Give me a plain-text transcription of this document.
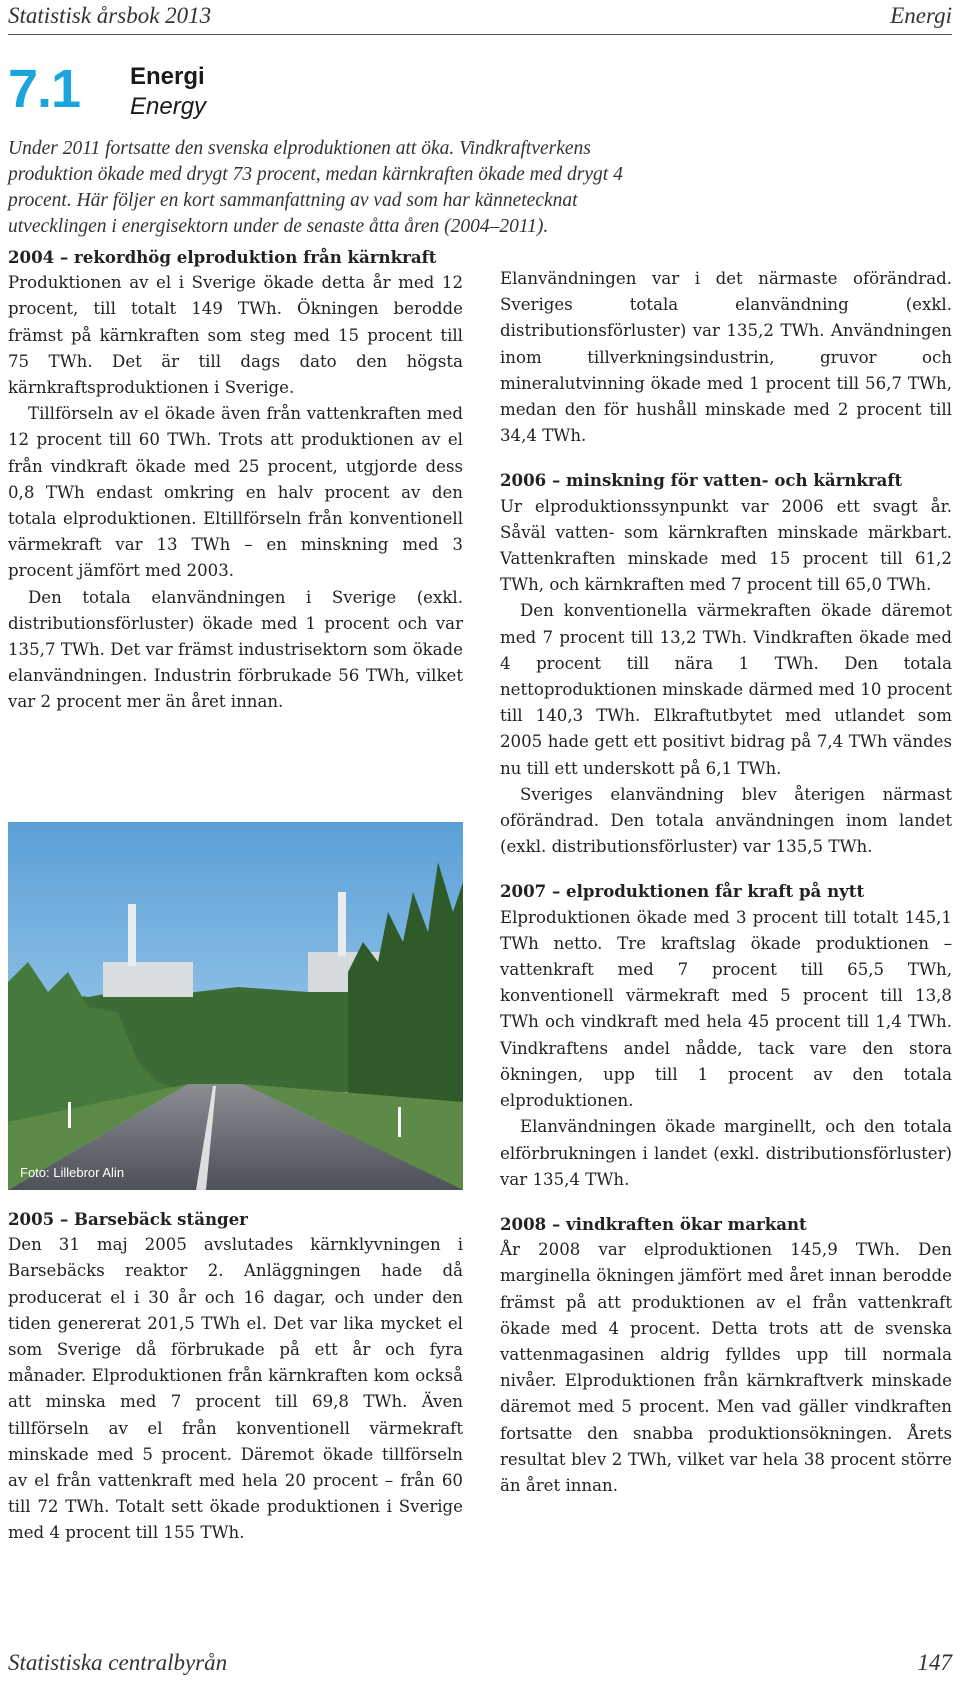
Statistisk årsbok 2013	Energi
7.1 Energi
Energy
Under 2011 fortsatte den svenska elproduktionen att öka. Vindkraftverkens produktion ökade med drygt 73 procent, medan kärnkraften ökade med drygt 4 procent. Här följer en kort sammanfattning av vad som har kännetecknat utvecklingen i energisektorn under de senaste åtta åren (2004–2011).
2004 – rekordhög elproduktion från kärnkraft

Produktionen av el i Sverige ökade detta år med 12 procent, till totalt 149 TWh. Ökningen berodde främst på kärnkraften som steg med 15 procent till 75 TWh. Det är till dags dato den högsta kärnkraftsproduktionen i Sverige.

Tillförseln av el ökade även från vattenkraften med 12 procent till 60 TWh. Trots att produktionen av el från vindkraft ökade med 25 procent, utgjorde dess 0,8 TWh endast omkring en halv procent av den totala elproduktionen. Eltillförseln från konventionell värmekraft var 13 TWh – en minskning med 3 procent jämfört med 2003.

Den totala elanvändningen i Sverige (exkl. distributionsförluster) ökade med 1 procent och var 135,7 TWh. Det var främst industrisektorn som ökade elanvändningen. Industrin förbrukade 56 TWh, vilket var 2 procent mer än året innan.

Foto: Lillebror Alin
2005 – Barsebäck stänger

Den 31 maj 2005 avslutades kärnklyvningen i Barsebäcks reaktor 2. Anläggningen hade då producerat el i 30 år och 16 dagar, och under den tiden genererat 201,5 TWh el. Det var lika mycket el som Sverige då förbrukade på ett år och fyra månader. Elproduktionen från kärnkraften kom också att minska med 7 procent till 69,8 TWh. Även tillförseln av el från konventionell värmekraft minskade med 5 procent. Däremot ökade tillförseln av el från vattenkraft med hela 20 procent – från 60 till 72 TWh. Totalt sett ökade produktionen i Sverige med 4 procent till 155 TWh.

Elanvändningen var i det närmaste oförändrad. Sveriges totala elanvändning (exkl. distributionsförluster) var 135,2 TWh. Användningen inom tillverkningsindustrin, gruvor och mineralutvinning ökade med 1 procent till 56,7 TWh, medan den för hushåll minskade med 2 procent till 34,4 TWh.

2006 – minskning för vatten- och kärnkraft

Ur elproduktionssynpunkt var 2006 ett svagt år. Såväl vatten- som kärnkraften minskade märkbart. Vattenkraften minskade med 15 procent till 61,2 TWh, och kärnkraften med 7 procent till 65,0 TWh.

Den konventionella värmekraften ökade däremot med 7 procent till 13,2 TWh. Vindkraften ökade med 4 procent till nära 1 TWh. Den totala nettoproduktionen minskade därmed med 10 procent till 140,3 TWh. Elkraftutbytet med utlandet som 2005 hade gett ett positivt bidrag på 7,4 TWh vändes nu till ett underskott på 6,1 TWh.

Sveriges elanvändning blev återigen närmast oförändrad. Den totala användningen inom landet (exkl. distributionsförluster) var 135,5 TWh.

2007 – elproduktionen får kraft på nytt

Elproduktionen ökade med 3 procent till totalt 145,1 TWh netto. Tre kraftslag ökade produktionen – vattenkraft med 7 procent till 65,5 TWh, konventionell värmekraft med 5 procent till 13,8 TWh och vindkraft med hela 45 procent till 1,4 TWh. Vindkraftens andel nådde, tack vare den stora ökningen, upp till 1 procent av den totala elproduktionen.

Elanvändningen ökade marginellt, och den totala elförbrukningen i landet (exkl. distributionsförluster) var 135,4 TWh.

2008 – vindkraften ökar markant

År 2008 var elproduktionen 145,9 TWh. Den marginella ökningen jämfört med året innan berodde främst på att produktionen av el från vattenkraft ökade med 4 procent. Detta trots att de svenska vattenmagasinen aldrig fylldes upp till normala nivåer. Elproduktionen från kärnkraftverk minskade däremot med 5 procent. Men vad gäller vindkraften fortsatte den snabba produktionsökningen. Årets resultat blev 2 TWh, vilket var hela 38 procent större än året innan.

Statistiska centralbyrån	147
